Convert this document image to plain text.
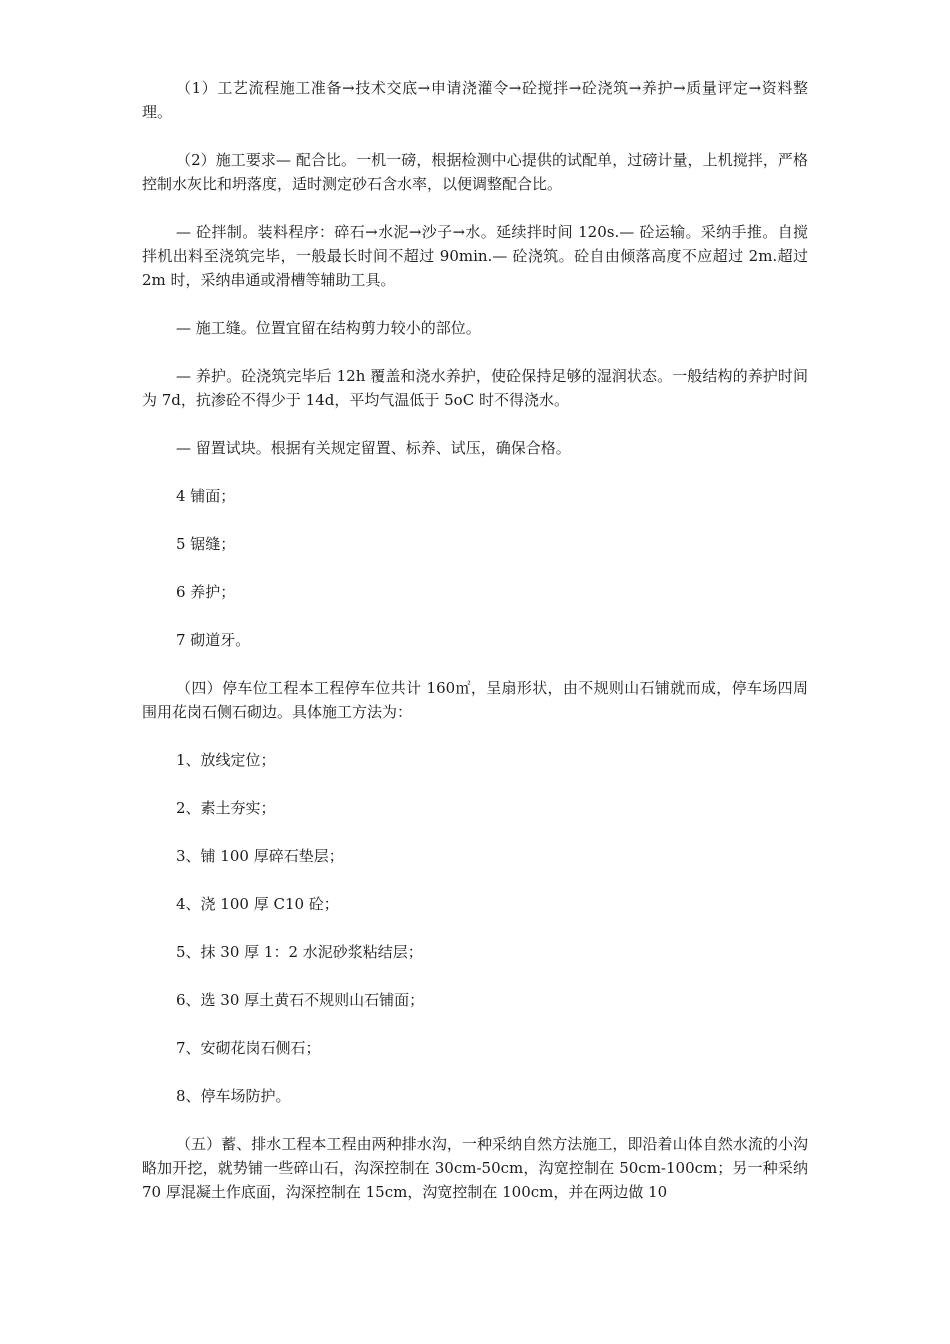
（1）工艺流程施工准备→技术交底→申请浇灌令→砼搅拌→砼浇筑→养护→质量评定→资料整理。

（2）施工要求— 配合比。一机一磅，根据检测中心提供的试配单，过磅计量，上机搅拌，严格控制水灰比和坍落度，适时测定砂石含水率，以便调整配合比。

— 砼拌制。装料程序：碎石→水泥→沙子→水。延续拌时间 120s.— 砼运输。采纳手推。自搅拌机出料至浇筑完毕，一般最长时间不超过 90min.— 砼浇筑。砼自由倾落高度不应超过 2m.超过 2m 时，采纳串通或滑槽等辅助工具。

— 施工缝。位置宜留在结构剪力较小的部位。

— 养护。砼浇筑完毕后 12h 覆盖和浇水养护，使砼保持足够的湿润状态。一般结构的养护时间为 7d，抗渗砼不得少于 14d，平均气温低于 5oC 时不得浇水。

— 留置试块。根据有关规定留置、标养、试压，确保合格。

4 铺面；

5 锯缝；

6 养护；

7 砌道牙。

（四）停车位工程本工程停车位共计 160㎡，呈扇形状，由不规则山石铺就而成，停车场四周围用花岗石侧石砌边。具体施工方法为：

1、放线定位；

2、素土夯实；

3、铺 100 厚碎石垫层；

4、浇 100 厚 C10 砼；

5、抹 30 厚 1：2 水泥砂浆粘结层；

6、选 30 厚土黄石不规则山石铺面；

7、安砌花岗石侧石；

8、停车场防护。

（五）蓄、排水工程本工程由两种排水沟，一种采纳自然方法施工，即沿着山体自然水流的小沟略加开挖，就势铺一些碎山石，沟深控制在 30cm-50cm，沟宽控制在 50cm-100cm；另一种采纳 70 厚混凝土作底面，沟深控制在 15cm，沟宽控制在 100cm，并在两边做 10
